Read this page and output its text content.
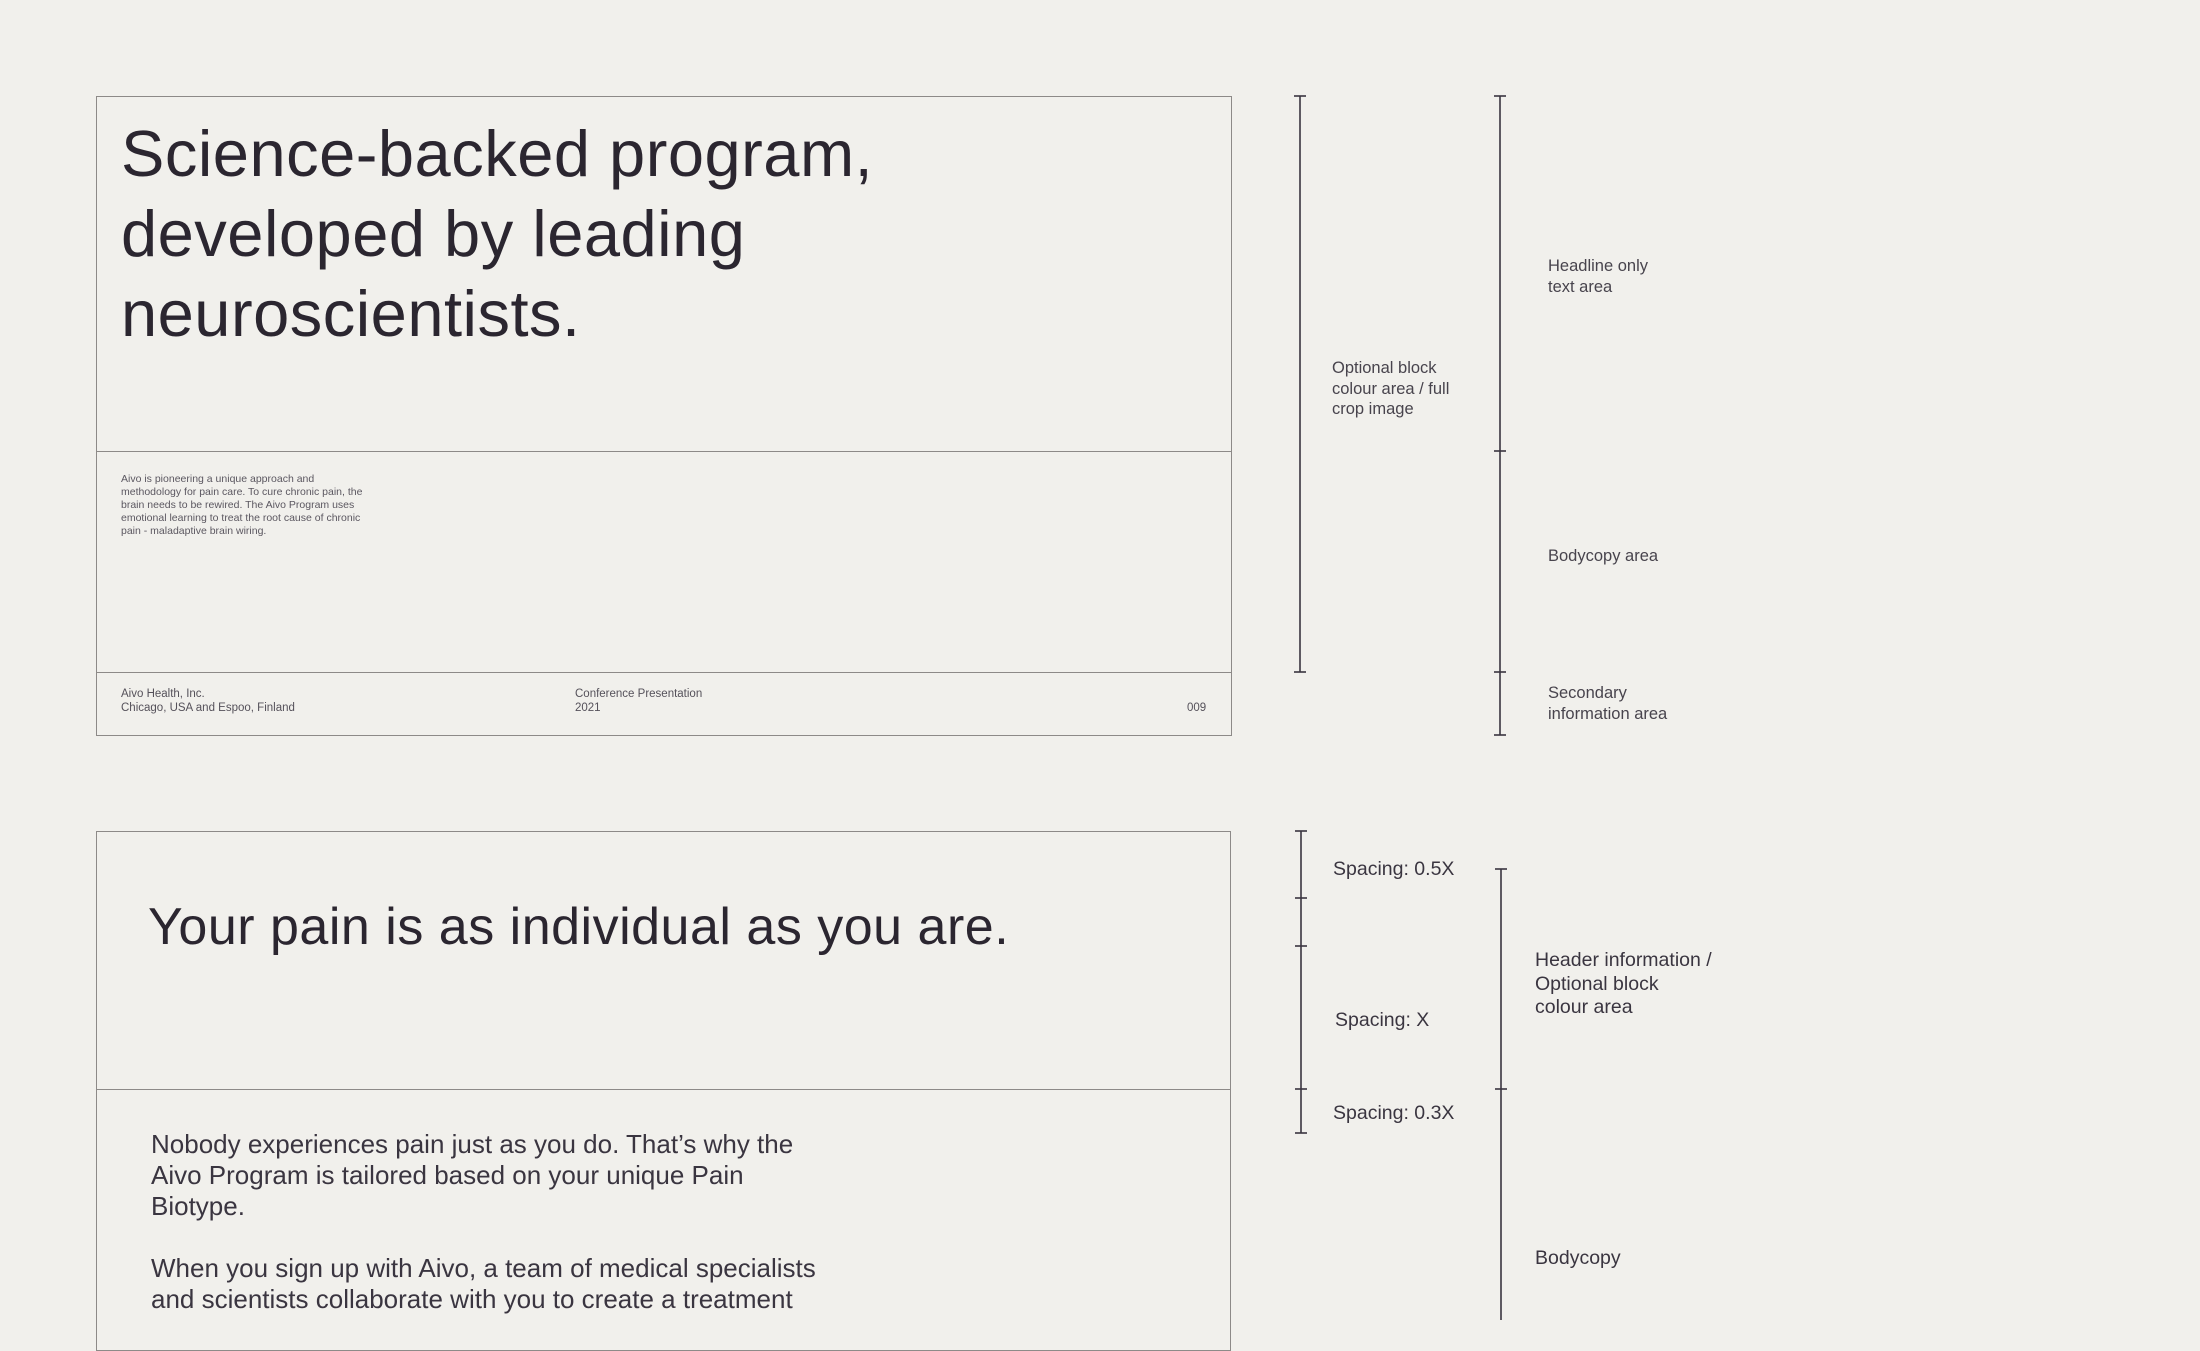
Science-backed program,
developed by leading
neuroscientists.
Aivo is pioneering a unique approach and
methodology for pain care. To cure chronic pain, the
brain needs to be rewired. The Aivo Program uses
emotional learning to treat the root cause of chronic
pain - maladaptive brain wiring.
Aivo Health, Inc.
Chicago, USA and Espoo, Finland
Conference Presentation
2021	009
Your pain is as individual as you are.
Nobody experiences pain just as you do. That’s why the
Aivo Program is tailored based on your unique Pain
Biotype.
When you sign up with Aivo, a team of medical specialists
and scientists collaborate with you to create a treatment
Optional block
colour area / full
crop image
Headline only
text area
Bodycopy area
Secondary
information area
Spacing: 0.5X
Spacing: X
Spacing: 0.3X
Header information /
Optional block
colour area
Bodycopy
